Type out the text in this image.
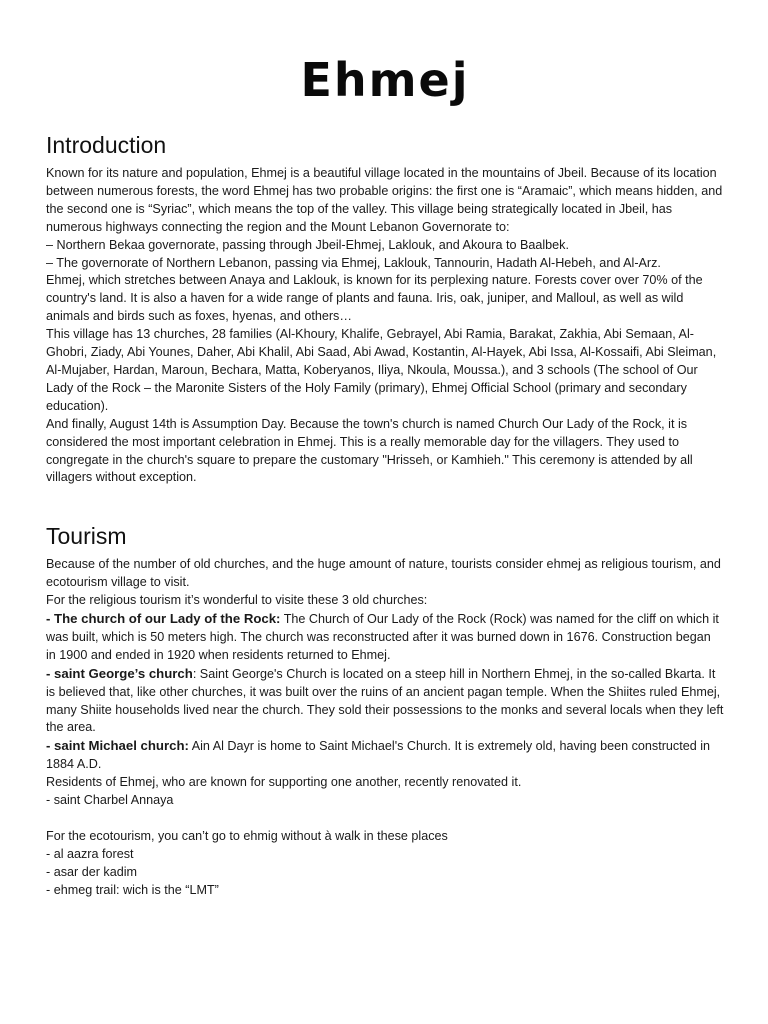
Ehmej
Introduction

Known for its nature and population, Ehmej is a beautiful village located in the mountains of Jbeil. Because of its location between numerous forests, the word Ehmej has two probable origins: the first one is “Aramaic”, which means hidden, and the second one is “Syriac”, which means the top of the valley. This village being strategically located in Jbeil, has numerous highways connecting the region and the Mount Lebanon Governorate to:

– Northern Bekaa governorate, passing through Jbeil-Ehmej, Laklouk, and Akoura to Baalbek.

– The governorate of Northern Lebanon, passing via Ehmej, Laklouk, Tannourin, Hadath Al-Hebeh, and Al-Arz.

Ehmej, which stretches between Anaya and Laklouk, is known for its perplexing nature. Forests cover over 70% of the country's land. It is also a haven for a wide range of plants and fauna. Iris, oak, juniper, and Malloul, as well as wild animals and birds such as foxes, hyenas, and others…

This village has 13 churches, 28 families (Al-Khoury, Khalife, Gebrayel, Abi Ramia, Barakat, Zakhia, Abi Semaan, Al-Ghobri, Ziady, Abi Younes, Daher, Abi Khalil, Abi Saad, Abi Awad, Kostantin, Al-Hayek, Abi Issa, Al-Kossaifi, Abi Sleiman, Al-Mujaber, Hardan, Maroun, Bechara, Matta, Koberyanos, Iliya, Nkoula, Moussa.), and 3 schools (The school of Our Lady of the Rock – the Maronite Sisters of the Holy Family (primary), Ehmej Official School (primary and secondary education).

And finally, August 14th is Assumption Day. Because the town's church is named Church Our Lady of the Rock, it is considered the most important celebration in Ehmej. This is a really memorable day for the villagers. They used to congregate in the church's square to prepare the customary "Hrisseh, or Kamhieh." This ceremony is attended by all villagers without exception.

Tourism

Because of the number of old churches, and the huge amount of nature, tourists consider ehmej as religious tourism, and ecotourism village to visit.

For the religious tourism it’s wonderful to visite these 3 old churches:

- The church of our Lady of the Rock: The Church of Our Lady of the Rock (Rock) was named for the cliff on which it was built, which is 50 meters high. The church was reconstructed after it was burned down in 1676. Construction began in 1900 and ended in 1920 when residents returned to Ehmej.

- saint George’s church: Saint George's Church is located on a steep hill in Northern Ehmej, in the so-called Bkarta. It is believed that, like other churches, it was built over the ruins of an ancient pagan temple. When the Shiites ruled Ehmej, many Shiite households lived near the church. They sold their possessions to the monks and several locals when they left the area.

- saint Michael church: Ain Al Dayr is home to Saint Michael's Church. It is extremely old, having been constructed in 1884 A.D.

Residents of Ehmej, who are known for supporting one another, recently renovated it.

- saint Charbel Annaya

For the ecotourism, you can’t go to ehmig without à walk in these places

- al aazra forest

- asar der kadim

- ehmeg trail: wich is the “LMT”
